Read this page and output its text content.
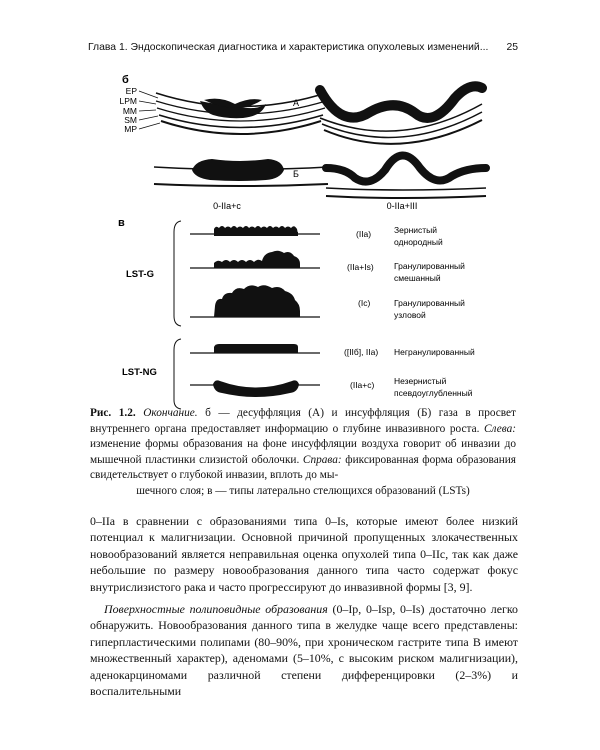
Глава 1. Эндоскопическая диагностика и характеристика опухолевых изменений... 25
б
EP
LPM
MM
SM
MP
А
Б
0-IIa+c	0-IIa+III
в
LST-G
LST-NG
(IIa)	Зернистый
однородный
(IIa+Is) Гранулированный
смешанный
(Ic)	Гранулированный
узловой
([IIб], IIa) Негранулированный
(IIa+c) Незернистый
псевдоуглубленный
Рис. 1.2. Окончание. б — десуффляция (А) и инсуффляция (Б) газа в просвет внутреннего органа предоставляет информацию о глубине инвазивного роста. Слева: изменение формы образования на фоне инсуффляции воздуха говорит об инвазии до мышечной пластинки слизистой оболочки. Справа: фиксированная форма образования свидетельствует о глубокой инвазии, вплоть до мы-
шечного слоя; в — типы латерально стелющихся образований (LSTs)

0–IIa в сравнении с образованиями типа 0–Is, которые имеют более низкий потенциал к малигнизации. Основной причиной пропущенных злокачественных новообразований является неправильная оценка опухолей типа 0–IIc, так как даже небольшие по размеру новообразования данного типа часто содержат фокус внутрислизистого рака и часто прогрессируют до инвазивной формы [3, 9].

Поверхностные полиповидные образования (0–Ip, 0–Isp, 0–Is) достаточно легко обнаружить. Новообразования данного типа в желудке чаще всего представлены: гиперпластическими полипами (80–90%, при хроническом гастрите типа B имеют множественный характер), аденомами (5–10%, с высоким риском малигнизации), аденокарциномами различной степени дифференцировки (2–3%) и воспалительными
